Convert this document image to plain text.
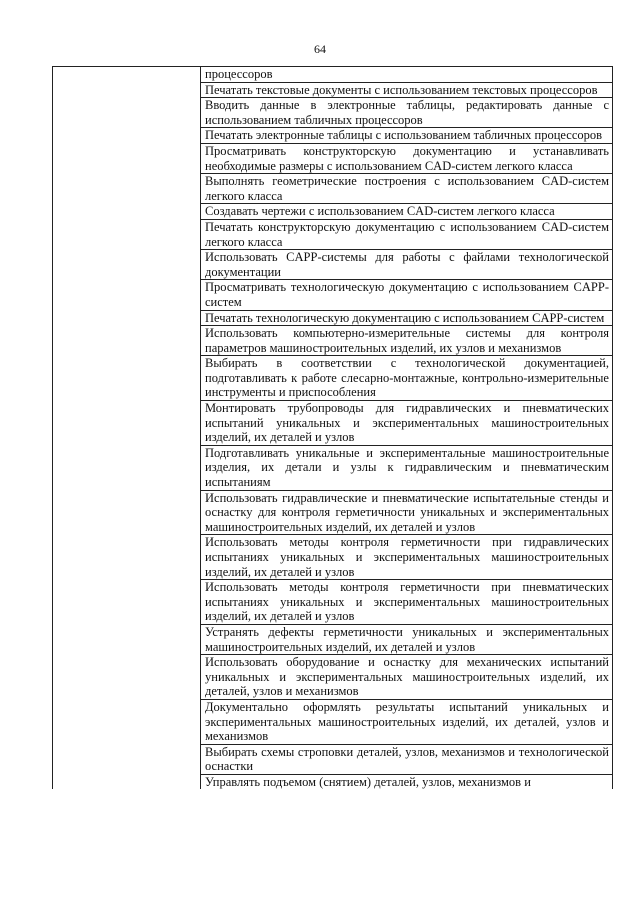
64

процессоров

Печатать текстовые документы с использованием текстовых процессоров

Вводить данные в электронные таблицы, редактировать данные с использованием табличных процессоров

Печатать электронные таблицы с использованием табличных процессоров

Просматривать конструкторскую документацию и устанавливать необходимые размеры с использованием CAD-систем легкого класса

Выполнять геометрические построения с использованием CAD-систем легкого класса

Создавать чертежи с использованием CAD-систем легкого класса

Печатать конструкторскую документацию с использованием CAD-систем легкого класса

Использовать CAPP-системы для работы с файлами технологической документации

Просматривать технологическую документацию с использованием CAPP-систем

Печатать технологическую документацию с использованием CAPP-систем

Использовать компьютерно-измерительные системы для контроля параметров машиностроительных изделий, их узлов и механизмов

Выбирать в соответствии с технологической документацией, подготавливать к работе слесарно-монтажные, контрольно-измерительные инструменты и приспособления

Монтировать трубопроводы для гидравлических и пневматических испытаний уникальных и экспериментальных машиностроительных изделий, их деталей и узлов

Подготавливать уникальные и экспериментальные машиностроительные изделия, их детали и узлы к гидравлическим и пневматическим испытаниям

Использовать гидравлические и пневматические испытательные стенды и оснастку для контроля герметичности уникальных и экспериментальных машиностроительных изделий, их деталей и узлов

Использовать методы контроля герметичности при гидравлических испытаниях уникальных и экспериментальных машиностроительных изделий, их деталей и узлов

Использовать методы контроля герметичности при пневматических испытаниях уникальных и экспериментальных машиностроительных изделий, их деталей и узлов

Устранять дефекты герметичности уникальных и экспериментальных машиностроительных изделий, их деталей и узлов

Использовать оборудование и оснастку для механических испытаний уникальных и экспериментальных машиностроительных изделий, их деталей, узлов и механизмов

Документально оформлять результаты испытаний уникальных и экспериментальных машиностроительных изделий, их деталей, узлов и механизмов

Выбирать схемы строповки деталей, узлов, механизмов и технологической оснастки

Управлять подъемом (снятием) деталей, узлов, механизмов и
